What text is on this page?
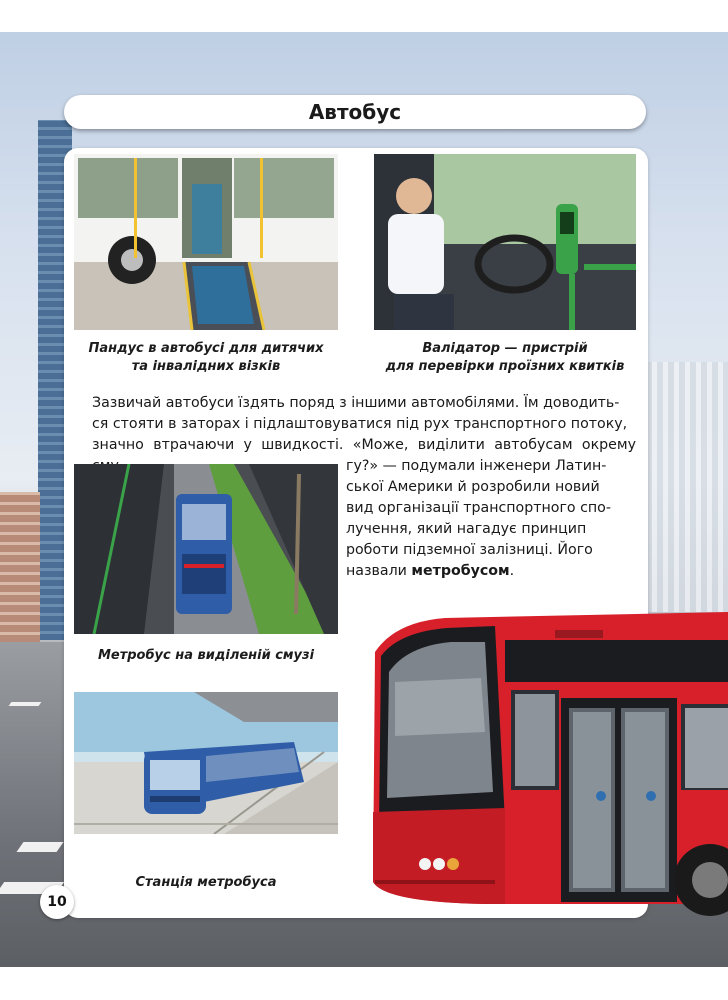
Автобус
Пандус в автобусі для дитячих
та інвалідних візків
Валідатор — пристрій
для перевірки проїзних квитків

Зазвичай автобуси їздять поряд з іншими автомобілями. Їм доводить-

ся стояти в заторах і підлаштовуватися під рух транспортного потоку,

значно втрачаючи у швидкості. «Може, виділити автобусам окрему

гу?» — подумали інженери Латин-

ської Америки й розробили новий

вид організації транспортного спо-

лучення, який нагадує принцип

роботи підземної залізниці. Його

назвали метробусом.

Метробус на виділеній смузі
Станція метробуса
10
